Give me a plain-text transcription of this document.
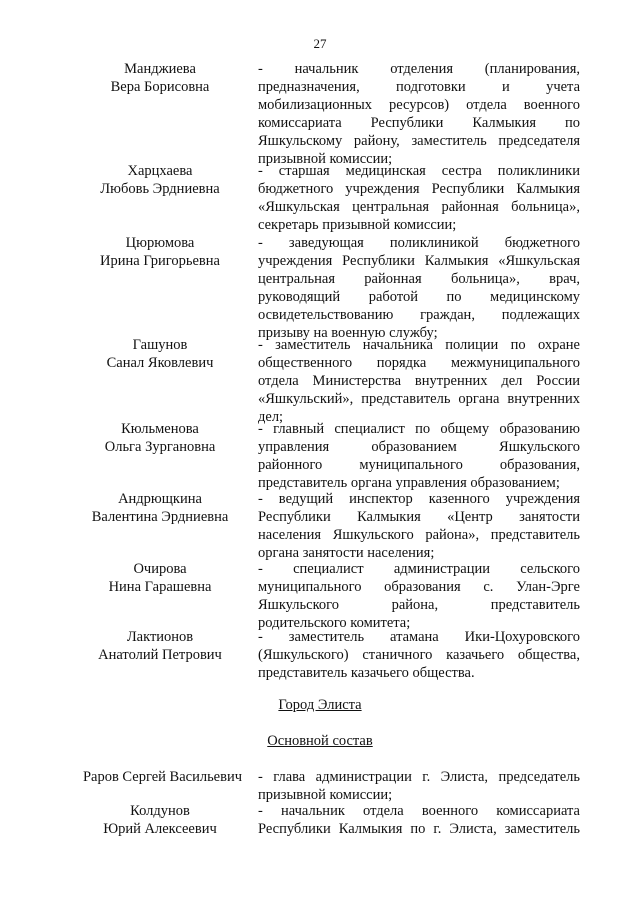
27
Манджиева
Вера Борисовна
- начальник отделения (планирования,
предназначения, подготовки и учета
мобилизационных ресурсов) отдела военного
комиссариата Республики Калмыкия по
Яшкульскому району, заместитель председателя
призывной комиссии;
Харцхаева
Любовь Эрдниевна
- старшая медицинская сестра поликлиники
бюджетного учреждения Республики Калмыкия
«Яшкульская центральная районная больница»,
секретарь призывной комиссии;
Цюрюмова
Ирина Григорьевна
- заведующая поликлиникой бюджетного
учреждения Республики Калмыкия «Яшкульская
центральная районная больница», врач,
руководящий работой по медицинскому
освидетельствованию граждан, подлежащих
призыву на военную службу;
Гашунов
Санал Яковлевич
- заместитель начальника полиции по охране
общественного порядка межмуниципального
отдела Министерства внутренних дел России
«Яшкульский», представитель органа внутренних
дел;
Кюльменова
Ольга Зургановна
- главный специалист по общему образованию
управления образованием Яшкульского
районного муниципального образования,
представитель органа управления образованием;
Андрющкина
Валентина Эрдниевна
- ведущий инспектор казенного учреждения
Республики Калмыкия «Центр занятости
населения Яшкульского района», представитель
органа занятости населения;
Очирова
Нина Гарашевна
- специалист администрации сельского
муниципального образования с. Улан-Эрге
Яшкульского района, представитель
родительского комитета;
Лактионов
Анатолий Петрович
- заместитель атамана Ики-Цохуровского
(Яшкульского) станичного казачьего общества,
представитель казачьего общества.
Город Элиста
Основной состав
Раров Сергей Васильевич	- глава администрации г. Элиста, председатель
призывной комиссии;
Колдунов
Юрий Алексеевич
- начальник отдела военного комиссариата
Республики Калмыкия по г. Элиста, заместитель
